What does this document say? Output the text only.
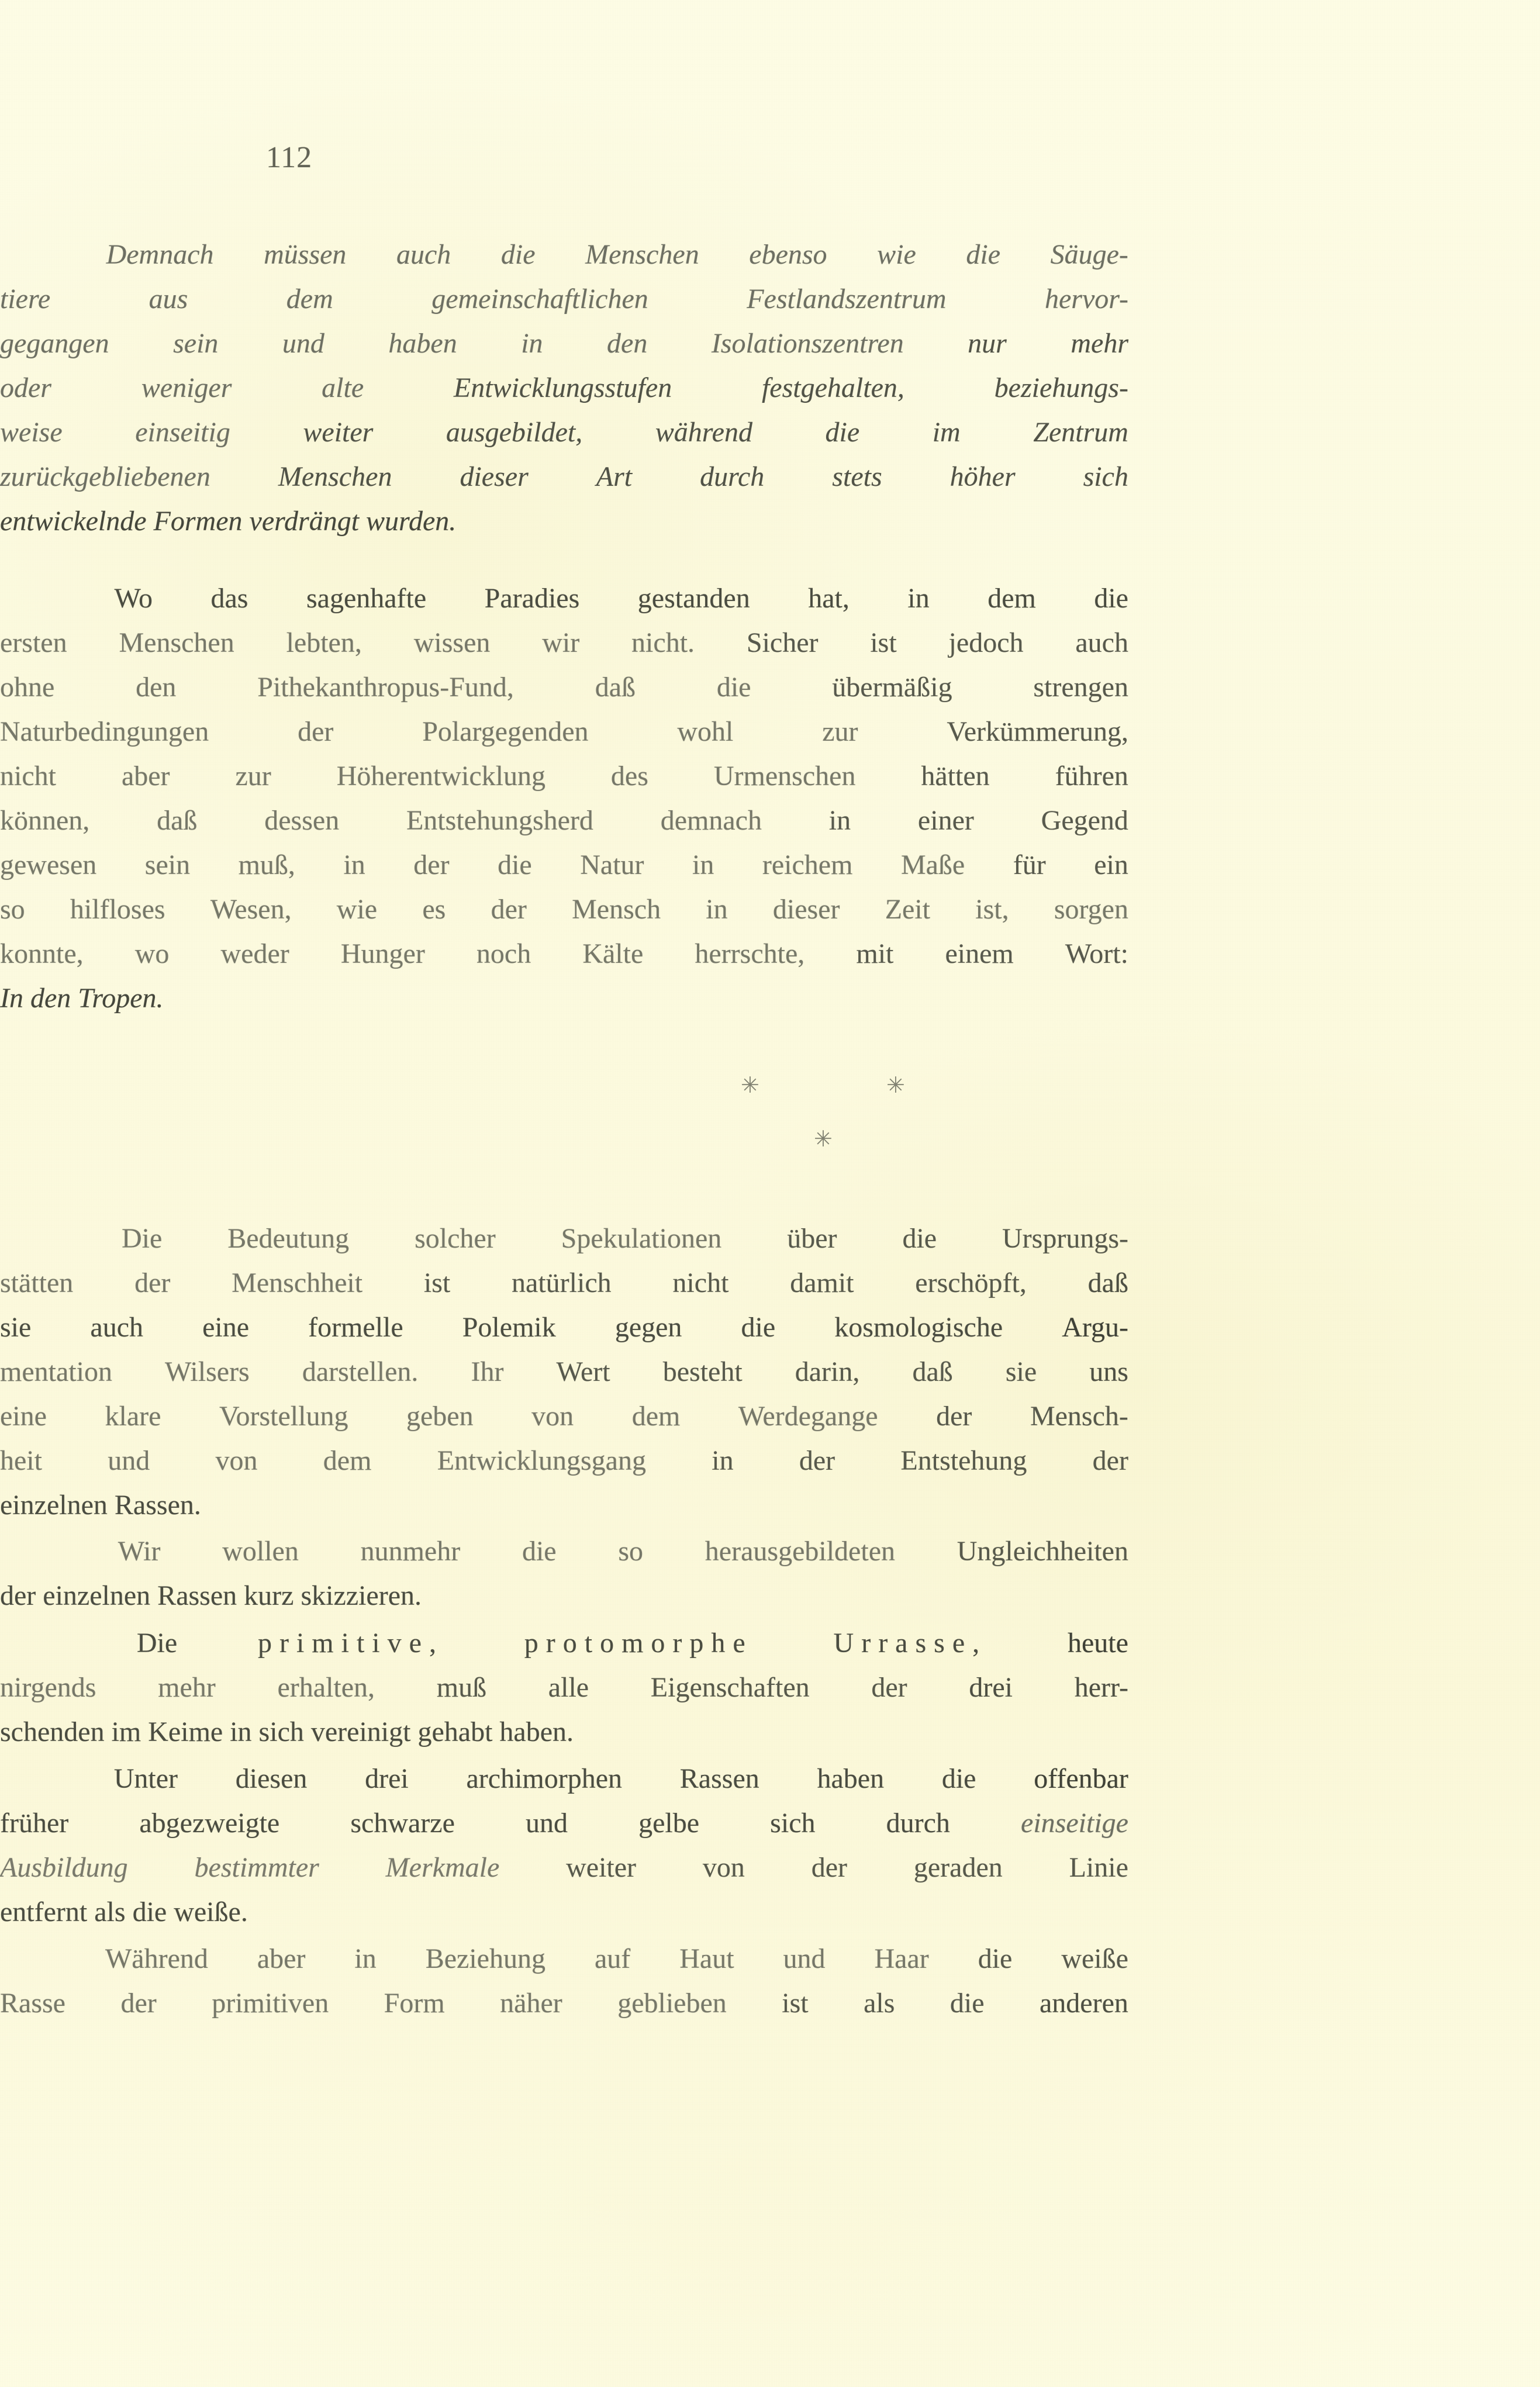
112
Demnach müssen auch die Menschen ebenso wie die Säuge-
tiere	aus	dem	gemeinschaftlichen	Festlandszentrum	hervor-
gegangen sein und haben in den Isolationszentren nur mehr
oder	weniger	alte	Entwicklungsstufen	festgehalten,	beziehungs-
weise	einseitig	weiter	ausgebildet,	während	die	im	Zentrum
zurückgebliebenen Menschen dieser Art durch stets höher sich
entwickelnde Formen verdrängt wurden.
Wo das sagenhafte Paradies gestanden hat, in dem die
ersten Menschen lebten, wissen wir nicht. Sicher ist jedoch auch
ohne	den	Pithekanthropus-Fund,	daß	die	übermäßig	strengen
Naturbedingungen	der	Polargegenden	wohl	zur	Verkümmerung,
nicht aber zur Höherentwicklung des Urmenschen hätten führen
können, daß dessen Entstehungsherd demnach in einer Gegend
gewesen sein muß, in der die Natur in reichem Maße für ein
so hilfloses Wesen, wie es der Mensch in dieser Zeit ist, sorgen
konnte, wo weder Hunger noch Kälte herrschte, mit einem Wort:
In den Tropen.
✳	✳
✳
Die Bedeutung solcher Spekulationen über die Ursprungs-
stätten der Menschheit ist natürlich nicht damit erschöpft, daß
sie auch eine formelle Polemik gegen die kosmologische Argu-
mentation Wilsers darstellen. Ihr Wert besteht darin, daß sie uns
eine klare Vorstellung geben von dem Werdegange der Mensch-
heit und von dem Entwicklungsgang in der Entstehung der
einzelnen Rassen.
Wir wollen nunmehr die so herausgebildeten Ungleichheiten
der einzelnen Rassen kurz skizzieren.
Die	primitive,	protomorphe	Urrasse,	heute
nirgends mehr erhalten, muß alle Eigenschaften der drei herr-
schenden im Keime in sich vereinigt gehabt haben.
Unter diesen drei archimorphen Rassen haben die offenbar
früher	abgezweigte	schwarze	und	gelbe	sich	durch	einseitige
Ausbildung bestimmter Merkmale weiter von der geraden Linie
entfernt als die weiße.
Während aber in Beziehung auf Haut und Haar die weiße
Rasse der primitiven Form näher geblieben ist als die anderen
